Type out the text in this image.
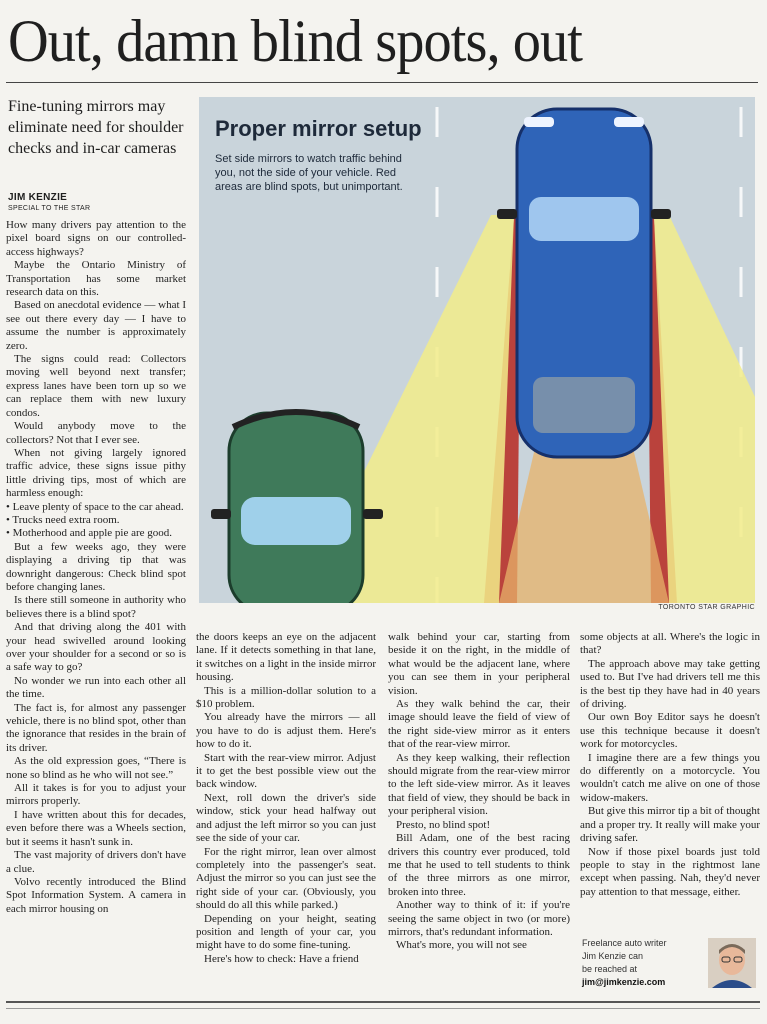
Out, damn blind spots, out

Fine-tuning mirrors may eliminate need for shoulder checks and in-car cameras

JIM KENZIE
SPECIAL TO THE STAR

How many drivers pay attention to the pixel board signs on our controlled-access highways?

Maybe the Ontario Ministry of Transportation has some market research data on this.

Based on anecdotal evidence — what I see out there every day — I have to assume the number is approximately zero.

The signs could read: Collectors moving well beyond next transfer; express lanes have been torn up so we can replace them with new luxury condos.

Would anybody move to the collectors? Not that I ever see.

When not giving largely ignored traffic advice, these signs issue pithy little driving tips, most of which are harmless enough:

• Leave plenty of space to the car ahead.

• Trucks need extra room.

• Motherhood and apple pie are good.

But a few weeks ago, they were displaying a driving tip that was downright dangerous: Check blind spot before changing lanes.

Is there still someone in authority who believes there is a blind spot?

And that driving along the 401 with your head swivelled around looking over your shoulder for a second or so is a safe way to go?

No wonder we run into each other all the time.

The fact is, for almost any passenger vehicle, there is no blind spot, other than the ignorance that resides in the brain of its driver.

As the old expression goes, “There is none so blind as he who will not see.”

All it takes is for you to adjust your mirrors properly.

I have written about this for decades, even before there was a Wheels section, but it seems it hasn't sunk in.

The vast majority of drivers don't have a clue.

Volvo recently introduced the Blind Spot Information System. A camera in each mirror housing on

the doors keeps an eye on the adjacent lane. If it detects something in that lane, it switches on a light in the inside mirror housing.

This is a million-dollar solution to a $10 problem.

You already have the mirrors — all you have to do is adjust them. Here's how to do it.

Start with the rear-view mirror. Adjust it to get the best possible view out the back window.

Next, roll down the driver's side window, stick your head halfway out and adjust the left mirror so you can just see the side of your car.

For the right mirror, lean over almost completely into the passenger's seat. Adjust the mirror so you can just see the right side of your car. (Obviously, you should do all this while parked.)

Depending on your height, seating position and length of your car, you might have to do some fine-tuning.

Here's how to check: Have a friend

walk behind your car, starting from beside it on the right, in the middle of what would be the adjacent lane, where you can see them in your peripheral vision.

As they walk behind the car, their image should leave the field of view of the right side-view mirror as it enters that of the rear-view mirror.

As they keep walking, their reflection should migrate from the rear-view mirror to the left side-view mirror. As it leaves that field of view, they should be back in your peripheral vision.

Presto, no blind spot!

Bill Adam, one of the best racing drivers this country ever produced, told me that he used to tell students to think of the three mirrors as one mirror, broken into three.

Another way to think of it: if you're seeing the same object in two (or more) mirrors, that's redundant information.

What's more, you will not see

some objects at all. Where's the logic in that?

The approach above may take getting used to. But I've had drivers tell me this is the best tip they have had in 40 years of driving.

Our own Boy Editor says he doesn't use this technique because it doesn't work for motorcycles.

I imagine there are a few things you do differently on a motorcycle. You wouldn't catch me alive on one of those widow-makers.

But give this mirror tip a bit of thought and a proper try. It really will make your driving safer.

Now if those pixel boards just told people to stay in the rightmost lane except when passing. Nah, they'd never pay attention to that message, either.

Proper mirror setup

Set side mirrors to watch traffic behind you, not the side of your vehicle. Red areas are blind spots, but unimportant.

TORONTO STAR GRAPHIC
Freelance auto writer
Jim Kenzie can
be reached at
jim@jimkenzie.com
